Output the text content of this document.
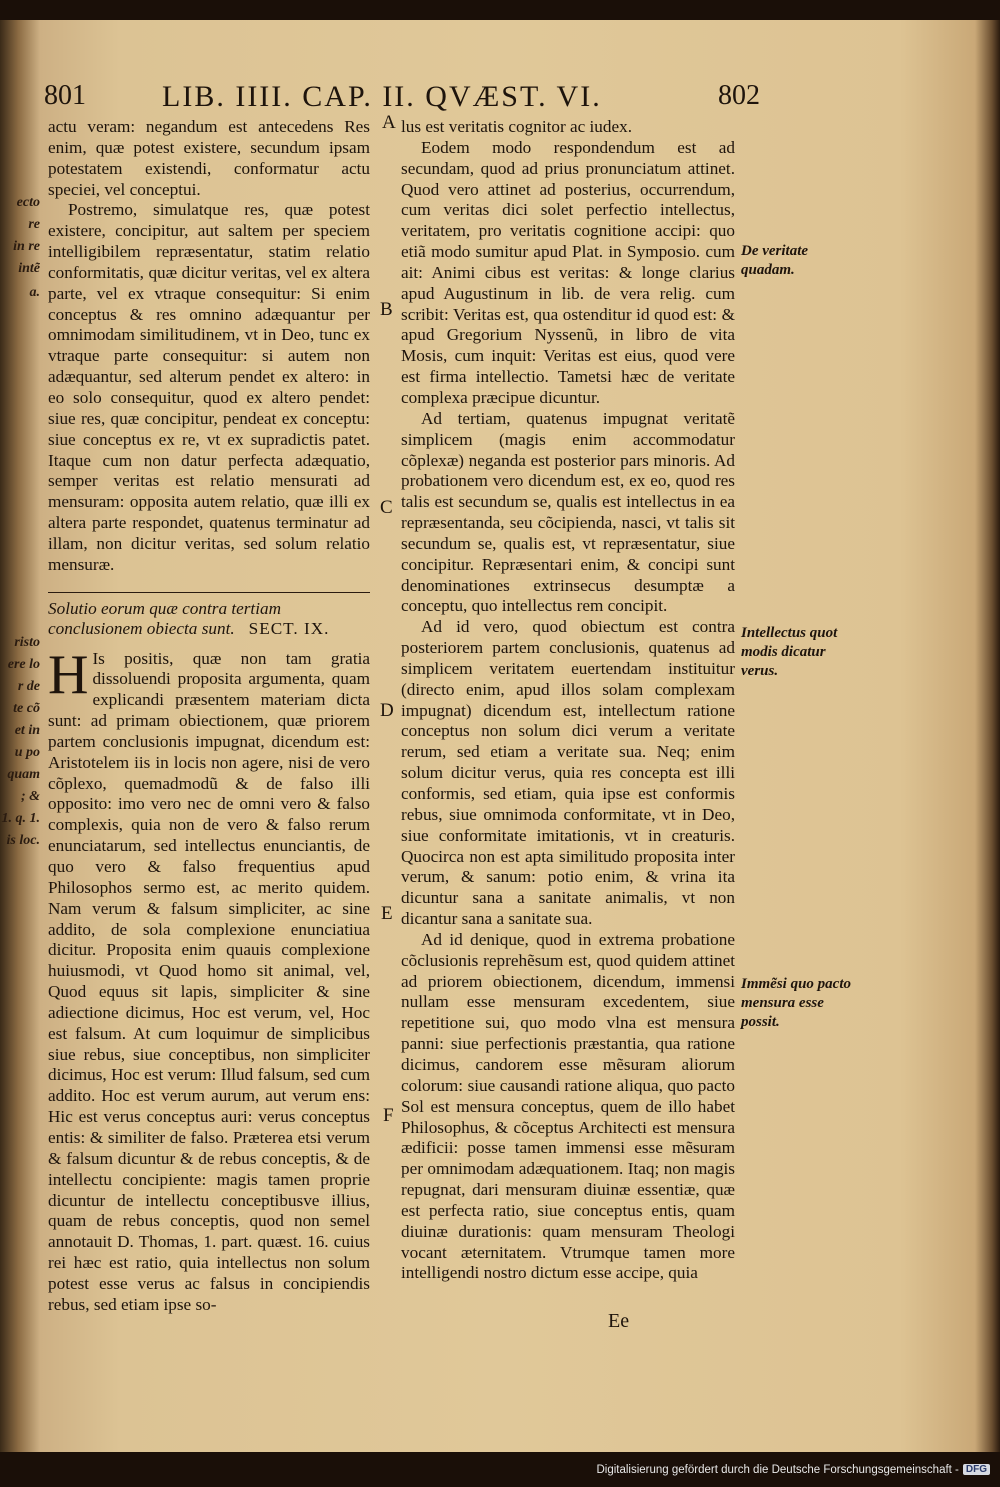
801	LIB. IIII. CAP. II. QVÆST. VI.	802
ecto
re
in re
intẽ
a.
risto
ere lo
r de
te cõ
et in
u po
quam
; &
1. q. 1.
is loc.

actu veram: negandum est antecedens Res enim, quæ potest existere, secundum ipsam potestatem existendi, conformatur actu speciei, vel conceptui.

Postremo, simulatque res, quæ potest existere, concipitur, aut saltem per speciem intelligibilem repræsentatur, statim relatio conformitatis, quæ dicitur veritas, vel ex altera parte, vel ex vtraque consequitur: Si enim conceptus & res omnino adæquantur per omnimodam similitudinem, vt in Deo, tunc ex vtraque parte consequitur: si autem non adæquantur, sed alterum pendet ex altero: in eo solo consequitur, quod ex altero pendet: siue res, quæ concipitur, pendeat ex conceptu: siue conceptus ex re, vt ex supradictis patet. Itaque cum non datur perfecta adæquatio, semper veritas est relatio mensurati ad mensuram: opposita autem relatio, quæ illi ex altera parte respondet, quatenus terminatur ad illam, non dicitur veritas, sed solum relatio mensuræ.

Solutio eorum quæ contra tertiam conclusionem obiecta sunt. SECT. IX.

H Is positis, quæ non tam gratia dissoluendi proposita argumenta, quam explicandi præsentem materiam dicta sunt: ad primam obiectionem, quæ priorem partem conclusionis impugnat, dicendum est: Aristotelem iis in locis non agere, nisi de vero cõplexo, quemadmodũ & de falso illi opposito: imo vero nec de omni vero & falso complexis, quia non de vero & falso rerum enunciatarum, sed intellectus enunciantis, de quo vero & falso frequentius apud Philosophos sermo est, ac merito quidem. Nam verum & falsum simpliciter, ac sine addito, de sola complexione enunciatiua dicitur. Proposita enim quauis complexione huiusmodi, vt Quod homo sit animal, vel, Quod equus sit lapis, simpliciter & sine adiectione dicimus, Hoc est verum, vel, Hoc est falsum. At cum loquimur de simplicibus siue rebus, siue conceptibus, non simpliciter dicimus, Hoc est verum: Illud falsum, sed cum addito. Hoc est verum aurum, aut verum ens: Hic est verus conceptus auri: verus conceptus entis: & similiter de falso. Præterea etsi verum & falsum dicuntur & de rebus conceptis, & de intellectu concipiente: magis tamen proprie dicuntur de intellectu conceptibusve illius, quam de rebus conceptis, quod non semel annotauit D. Thomas, 1. part. quæst. 16. cuius rei hæc est ratio, quia intellectus non solum potest esse verus ac falsus in concipiendis rebus, sed etiam ipse so-

lus est veritatis cognitor ac iudex.

Eodem modo respondendum est ad secundam, quod ad prius pronunciatum attinet. Quod vero attinet ad posterius, occurrendum, cum veritas dici solet perfectio intellectus, veritatem, pro veritatis cognitione accipi: quo etiã modo sumitur apud Plat. in Symposio. cum ait: Animi cibus est veritas: & longe clarius apud Augustinum in lib. de vera relig. cum scribit: Veritas est, qua ostenditur id quod est: & apud Gregorium Nyssenũ, in libro de vita Mosis, cum inquit: Veritas est eius, quod vere est firma intellectio. Tametsi hæc de veritate complexa præcipue dicuntur.

Ad tertiam, quatenus impugnat veritatẽ simplicem (magis enim accommodatur cõplexæ) neganda est posterior pars minoris. Ad probationem vero dicendum est, ex eo, quod res talis est secundum se, qualis est intellectus in ea repræsentanda, seu cõcipienda, nasci, vt talis sit secundum se, qualis est, vt repræsentatur, siue concipitur. Repræsentari enim, & concipi sunt denominationes extrinsecus desumptæ a conceptu, quo intellectus rem concipit.

Ad id vero, quod obiectum est contra posteriorem partem conclusionis, quatenus ad simplicem veritatem euertendam instituitur (directo enim, apud illos solam complexam impugnat) dicendum est, intellectum ratione conceptus non solum dici verum a veritate rerum, sed etiam a veritate sua. Neq; enim solum dicitur verus, quia res concepta est illi conformis, sed etiam, quia ipse est conformis rebus, siue omnimoda conformitate, vt in Deo, siue conformitate imitationis, vt in creaturis. Quocirca non est apta similitudo proposita inter verum, & sanum: potio enim, & vrina ita dicuntur sana a sanitate animalis, vt non dicantur sana a sanitate sua.

Ad id denique, quod in extrema probatione cõclusionis reprehẽsum est, quod quidem attinet ad priorem obiectionem, dicendum, immensi nullam esse mensuram excedentem, siue repetitione sui, quo modo vlna est mensura panni: siue perfectionis præstantia, qua ratione dicimus, candorem esse mẽsuram aliorum colorum: siue causandi ratione aliqua, quo pacto Sol est mensura conceptus, quem de illo habet Philosophus, & cõceptus Architecti est mensura ædificii: posse tamen immensi esse mẽsuram per omnimodam adæquationem. Itaq; non magis repugnat, dari mensuram diuinæ essentiæ, quæ est perfecta ratio, siue conceptus entis, quam diuinæ durationis: quam mensuram Theologi vocant æternitatem. Vtrumque tamen more intelligendi nostro dictum esse accipe, quia

A
B
C
D
E
F
De veritate quadam.
Intellectus quot modis dicatur verus.
Immẽsi quo pacto mensura esse possit.
Ee
Digitalisierung gefördert durch die Deutsche Forschungsgemeinschaft - DFG
